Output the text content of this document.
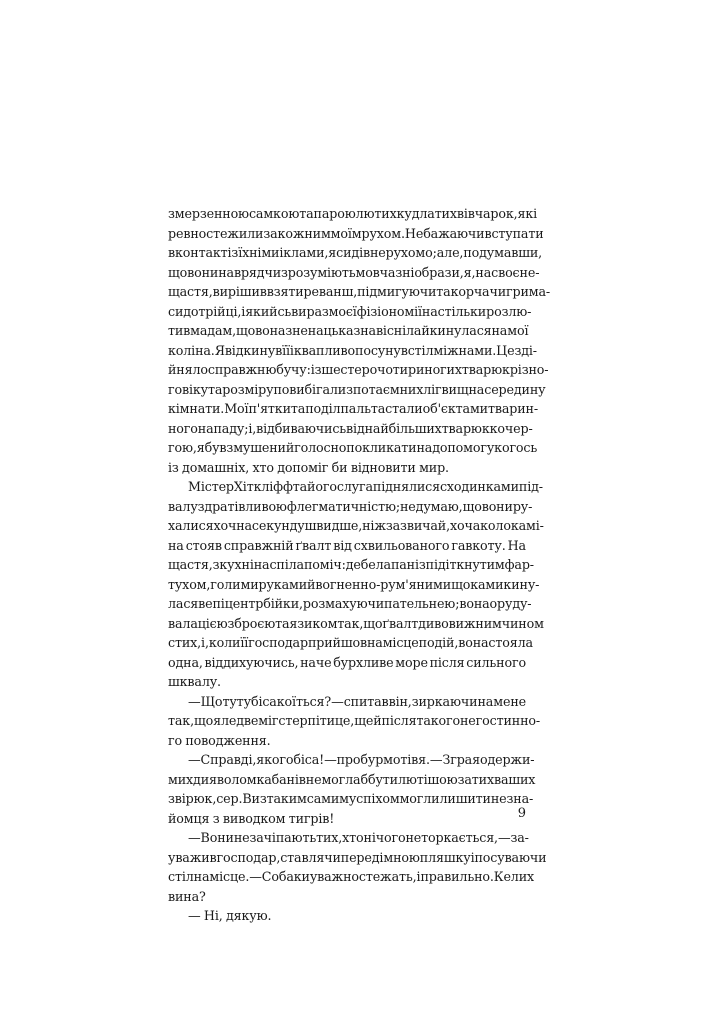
з мерзенною самкою та парою лютих кудлатих вівчарок, які
ревно стежили за кожним моїм рухом. Не бажаючи вступати
в контакт із їхніми іклами, я сидів нерухомо; але, подумавши,
що вони навряд чи зрозуміють мовчазні образи, я, на своє не-
щастя, вирішив взяти реванш, підмигуючи та корчачи грима-
си до трійці, і якийсь вираз моєї фізіономії настільки розлю-
тив мадам, що вона зненацька знавісніла й кинулася на мої
коліна. Я відкинув її і квапливо посунув стіл між нами. Це зді-
йняло справжню бучу: із шестеро чотириногих тварюк різно-
го віку та розміру повибігали з потаємних лігвищ на середину
кімнати. Мої п'ятки та поділ пальта стали об'єктами тварин-
ного нападу; і, відбиваючись від найбільших тварюк кочер-
гою, я був змушений голосно покликати на допомогу когось
із домашніх, хто допоміг би відновити мир.
Містер Хіткліфф та його слуга піднялися сходинками під-
валу з дратівливою флегматичністю; не думаю, що вони ру-
халися хоч на секунду швидше, ніж зазвичай, хоча коло камі-
на стояв справжній ґвалт від схвильованого гавкоту. На
щастя, з кухні наспіла поміч: дебела пані з підіткнутим фар-
тухом, голими руками й вогненно-рум'яними щоками кину-
лася в епіцентр бійки, розмахуючи пательнею; вона оруду-
вала цією зброєю та язиком так, що ґвалт дивовижним чином
стих, і, коли її господар прийшов на місце подій, вона стояла
одна, віддихуючись, наче бурхливе море після сильного
шквалу.
— Що тут у біса коїться? — спитав він, зиркаючи на мене
так, що я ледве міг стерпіти це, ще й після такого негостинно-
го поводження.
— Справді, якого біса! — пробурмотів я. — Зграя одержи-
мих дияволом кабанів не могла б бути лютішою за тих ваших
звірюк, сер. Ви з таким самим успіхом могли лишити незна-
йомця з виводком тигрів!
— Вони не зачіпають тих, хто нічого не торкається, — за-
уважив господар, ставлячи переді мною пляшку і посуваючи
стіл на місце. — Собаки уважно стежать, і правильно. Келих
вина?
— Ні, дякую.
9
